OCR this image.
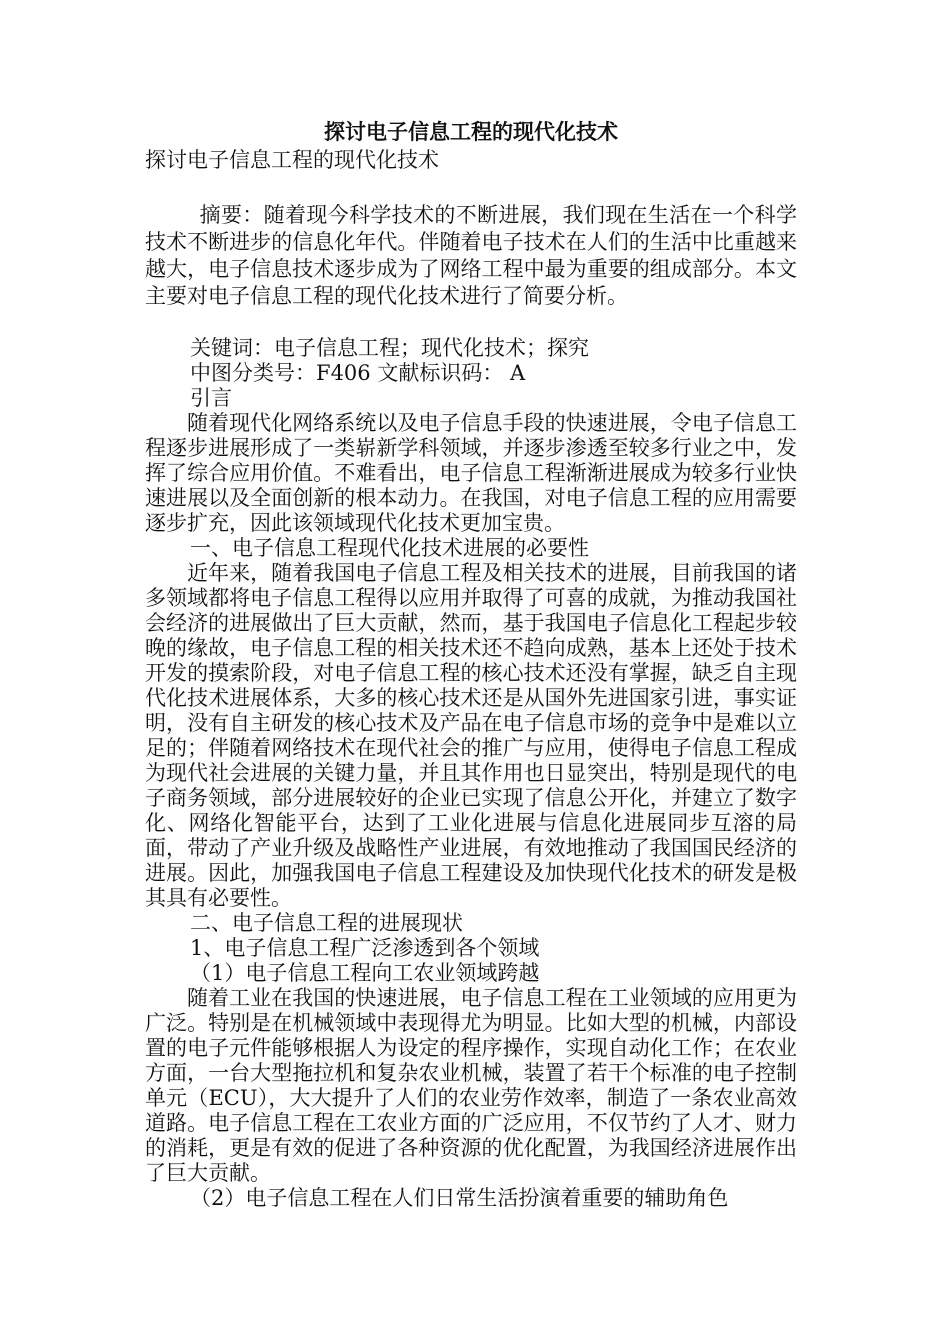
探讨电子信息工程的现代化技术

探讨电子信息工程的现代化技术

摘要：随着现今科学技术的不断进展，我们现在生活在一个科学技术不断进步的信息化年代。伴随着电子技术在人们的生活中比重越来越大，电子信息技术逐步成为了网络工程中最为重要的组成部分。本文主要对电子信息工程的现代化技术进行了简要分析。

关键词：电子信息工程；现代化技术；探究

中图分类号：F406 文献标识码： A

引言

随着现代化网络系统以及电子信息手段的快速进展，令电子信息工程逐步进展形成了一类崭新学科领域，并逐步渗透至较多行业之中，发挥了综合应用价值。不难看出，电子信息工程渐渐进展成为较多行业快速进展以及全面创新的根本动力。在我国，对电子信息工程的应用需要逐步扩充，因此该领域现代化技术更加宝贵。

一、电子信息工程现代化技术进展的必要性

近年来，随着我国电子信息工程及相关技术的进展，目前我国的诸多领域都将电子信息工程得以应用并取得了可喜的成就，为推动我国社会经济的进展做出了巨大贡献，然而，基于我国电子信息化工程起步较晚的缘故，电子信息工程的相关技术还不趋向成熟，基本上还处于技术开发的摸索阶段，对电子信息工程的核心技术还没有掌握，缺乏自主现代化技术进展体系，大多的核心技术还是从国外先进国家引进，事实证明，没有自主研发的核心技术及产品在电子信息市场的竞争中是难以立足的；伴随着网络技术在现代社会的推广与应用，使得电子信息工程成为现代社会进展的关键力量，并且其作用也日显突出，特别是现代的电子商务领域，部分进展较好的企业已实现了信息公开化，并建立了数字化、网络化智能平台，达到了工业化进展与信息化进展同步互溶的局面，带动了产业升级及战略性产业进展，有效地推动了我国国民经济的进展。因此，加强我国电子信息工程建设及加快现代化技术的研发是极其具有必要性。

二、电子信息工程的进展现状

1、电子信息工程广泛渗透到各个领域

（1）电子信息工程向工农业领域跨越

随着工业在我国的快速进展，电子信息工程在工业领域的应用更为广泛。特别是在机械领域中表现得尤为明显。比如大型的机械，内部设置的电子元件能够根据人为设定的程序操作，实现自动化工作；在农业方面，一台大型拖拉机和复杂农业机械，装置了若干个标准的电子控制单元（ECU），大大提升了人们的农业劳作效率，制造了一条农业高效道路。电子信息工程在工农业方面的广泛应用，不仅节约了人才、财力的消耗，更是有效的促进了各种资源的优化配置，为我国经济进展作出了巨大贡献。

（2）电子信息工程在人们日常生活扮演着重要的辅助角色
